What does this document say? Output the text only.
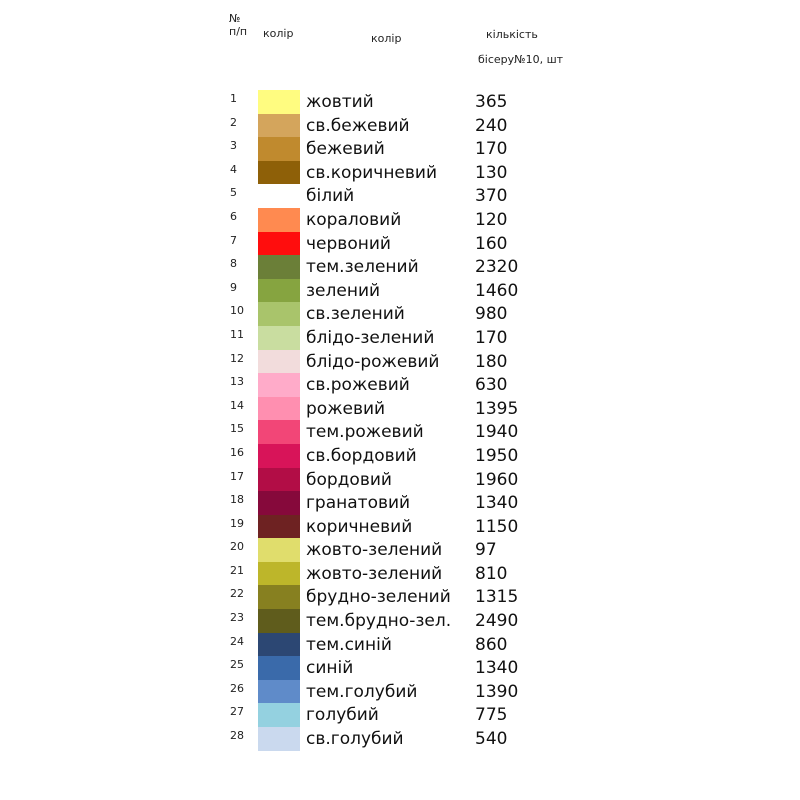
№ п/п	колір	колір	кількість
бісеру№10, шт
1	жовтий	365
2	св.бежевий	240
3	бежевий	170
4	св.коричневий 130
5	білий	370
6	кораловий	120
7	червоний	160
8	тем.зелений	2320
9	зелений	1460
10	св.зелений	980
11	блідо-зелений 170
12	блідо-рожевий 180
13	св.рожевий	630
14	рожевий	1395
15	тем.рожевий	1940
16	св.бордовий	1950
17	бордовий	1960
18	гранатовий	1340
19	коричневий	1150
20	жовто-зелений 97
21	жовто-зелений 810
22	брудно-зелений 1315
23	тем.брудно-зел. 2490
24	тем.синій	860
25	синій	1340
26	тем.голубий	1390
27	голубий	775
28	св.голубий	540
